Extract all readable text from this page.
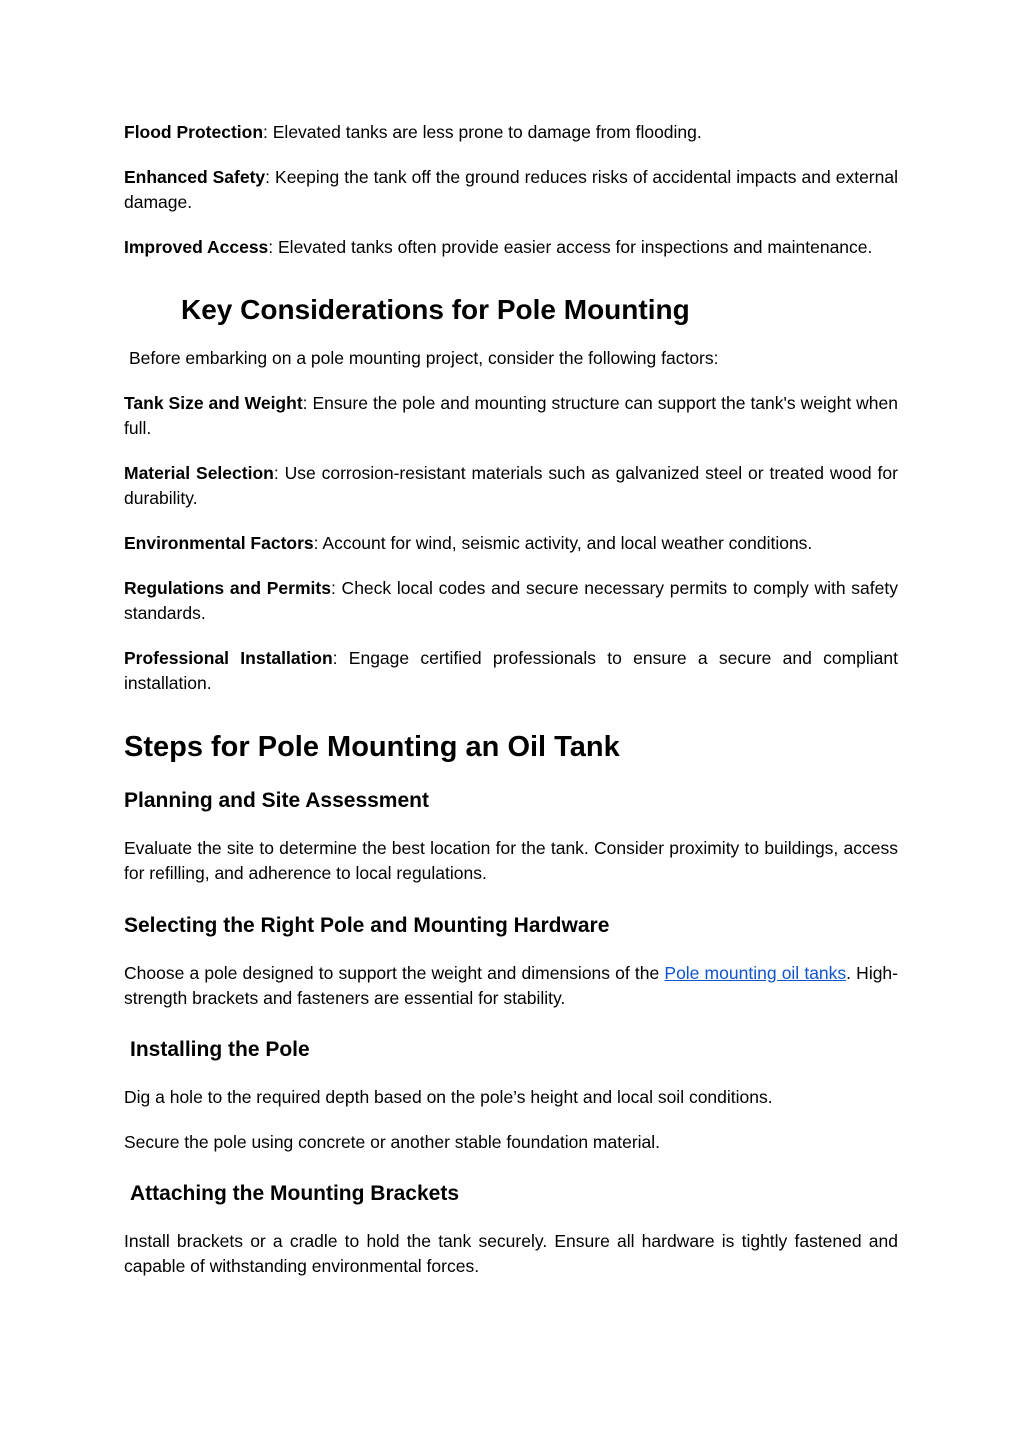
Flood Protection: Elevated tanks are less prone to damage from flooding.

Enhanced Safety: Keeping the tank off the ground reduces risks of accidental impacts and external damage.

Improved Access: Elevated tanks often provide easier access for inspections and maintenance.

Key Considerations for Pole Mounting

Before embarking on a pole mounting project, consider the following factors:

Tank Size and Weight: Ensure the pole and mounting structure can support the tank's weight when full.

Material Selection: Use corrosion-resistant materials such as galvanized steel or treated wood for durability.

Environmental Factors: Account for wind, seismic activity, and local weather conditions.

Regulations and Permits: Check local codes and secure necessary permits to comply with safety standards.

Professional Installation: Engage certified professionals to ensure a secure and compliant installation.

Steps for Pole Mounting an Oil Tank
Planning and Site Assessment

Evaluate the site to determine the best location for the tank. Consider proximity to buildings, access for refilling, and adherence to local regulations.

Selecting the Right Pole and Mounting Hardware

Choose a pole designed to support the weight and dimensions of the Pole mounting oil tanks. High-strength brackets and fasteners are essential for stability.

Installing the Pole

Dig a hole to the required depth based on the pole’s height and local soil conditions.

Secure the pole using concrete or another stable foundation material.

Attaching the Mounting Brackets

Install brackets or a cradle to hold the tank securely. Ensure all hardware is tightly fastened and capable of withstanding environmental forces.
